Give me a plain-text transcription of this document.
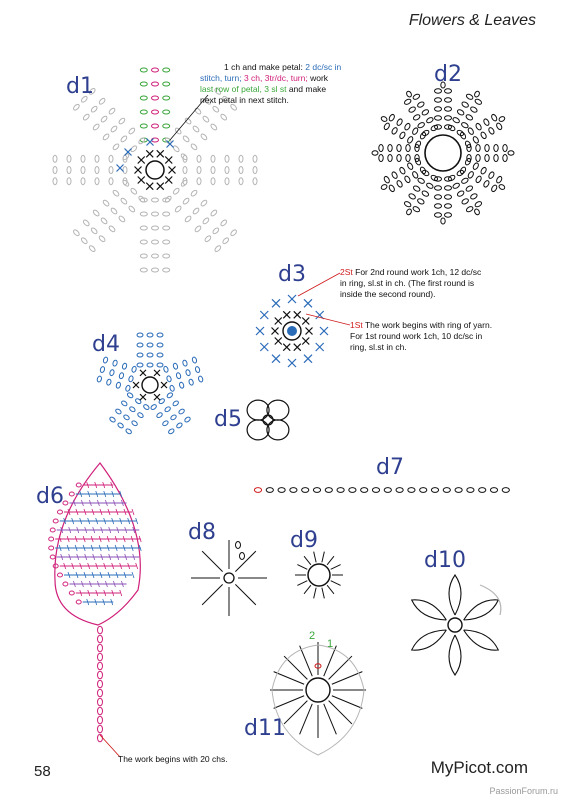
Flowers & Leaves
d1	d2
d3
d4
d5
d7
d6
d8	d9
d10
d11
1 ch and make petal: 2 dc/sc in
stitch, turn; 3 ch, 3tr/dc, turn; work
last row of petal, 3 sl st and make
next petal in next stitch.
2St For 2nd round work 1ch, 12 dc/sc in ring, sl.st in ch. (The first round is inside the second round).
1St The work begins with ring of yarn. For 1st round work 1ch, 10 dc/sc in ring, sl.st in ch.
The work begins with 20 chs.
2
1
58	MyPicot.com
PassionForum.ru
